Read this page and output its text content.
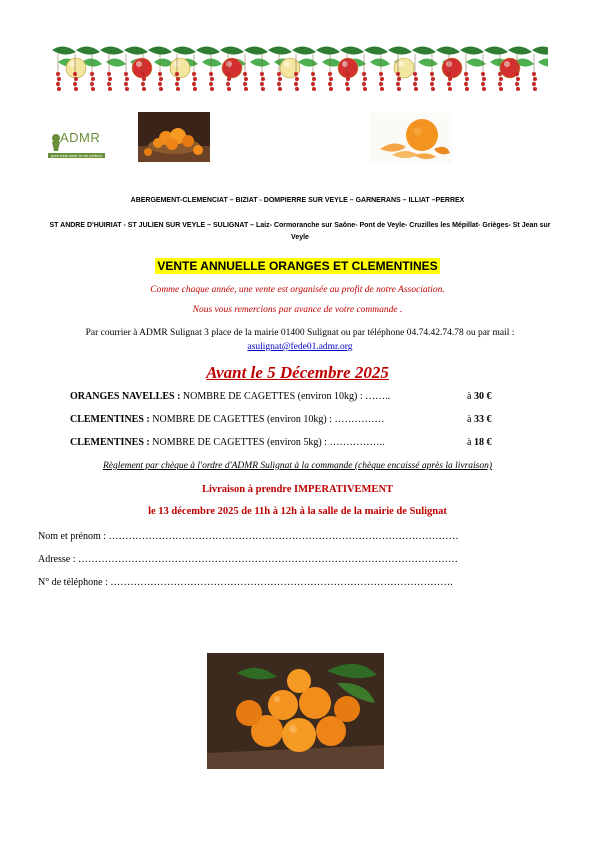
ADMR
pour tous toute la vie partout
ABERGEMENT-CLEMENCIAT – BIZIAT - DOMPIERRE SUR VEYLE – GARNERANS – ILLIAT –PERREX
ST ANDRE D'HUIRIAT - ST JULIEN SUR VEYLE – SULIGNAT – Laiz- Cormoranche sur Saône- Pont de Veyle- Cruzilles les Mépillat- Grièges- St Jean sur Veyle
VENTE ANNUELLE ORANGES ET CLEMENTINES
Comme chaque année, une vente est organisée au profit de notre Association.
Nous vous remercions par avance de votre commande .
Par courrier à ADMR Sulignat 3 place de la mairie 01400 Sulignat ou par téléphone 04.74.42.74.78 ou par mail :
asulignat@fede01.admr.org
Avant le 5 Décembre 2025
ORANGES NAVELLES : NOMBRE DE CAGETTES (environ 10kg) : ……..	à 30 €
CLEMENTINES : NOMBRE DE CAGETTES (environ 10kg) : ……………	à 33 €
CLEMENTINES : NOMBRE DE CAGETTES (environ 5kg) : ……………..	à 18 €
Règlement par chèque à l'ordre d'ADMR Sulignat à la commande (chèque encaissé après la livraison)
Livraison à prendre IMPERATIVEMENT
le 13 décembre 2025 de 11h à 12h à la salle de la mairie de Sulignat
Nom et prénom : ……………………………………………………………………………………………
Adresse : ……………………………………………………………………………………………………
N° de téléphone : ………………………………………………………………………………………….
